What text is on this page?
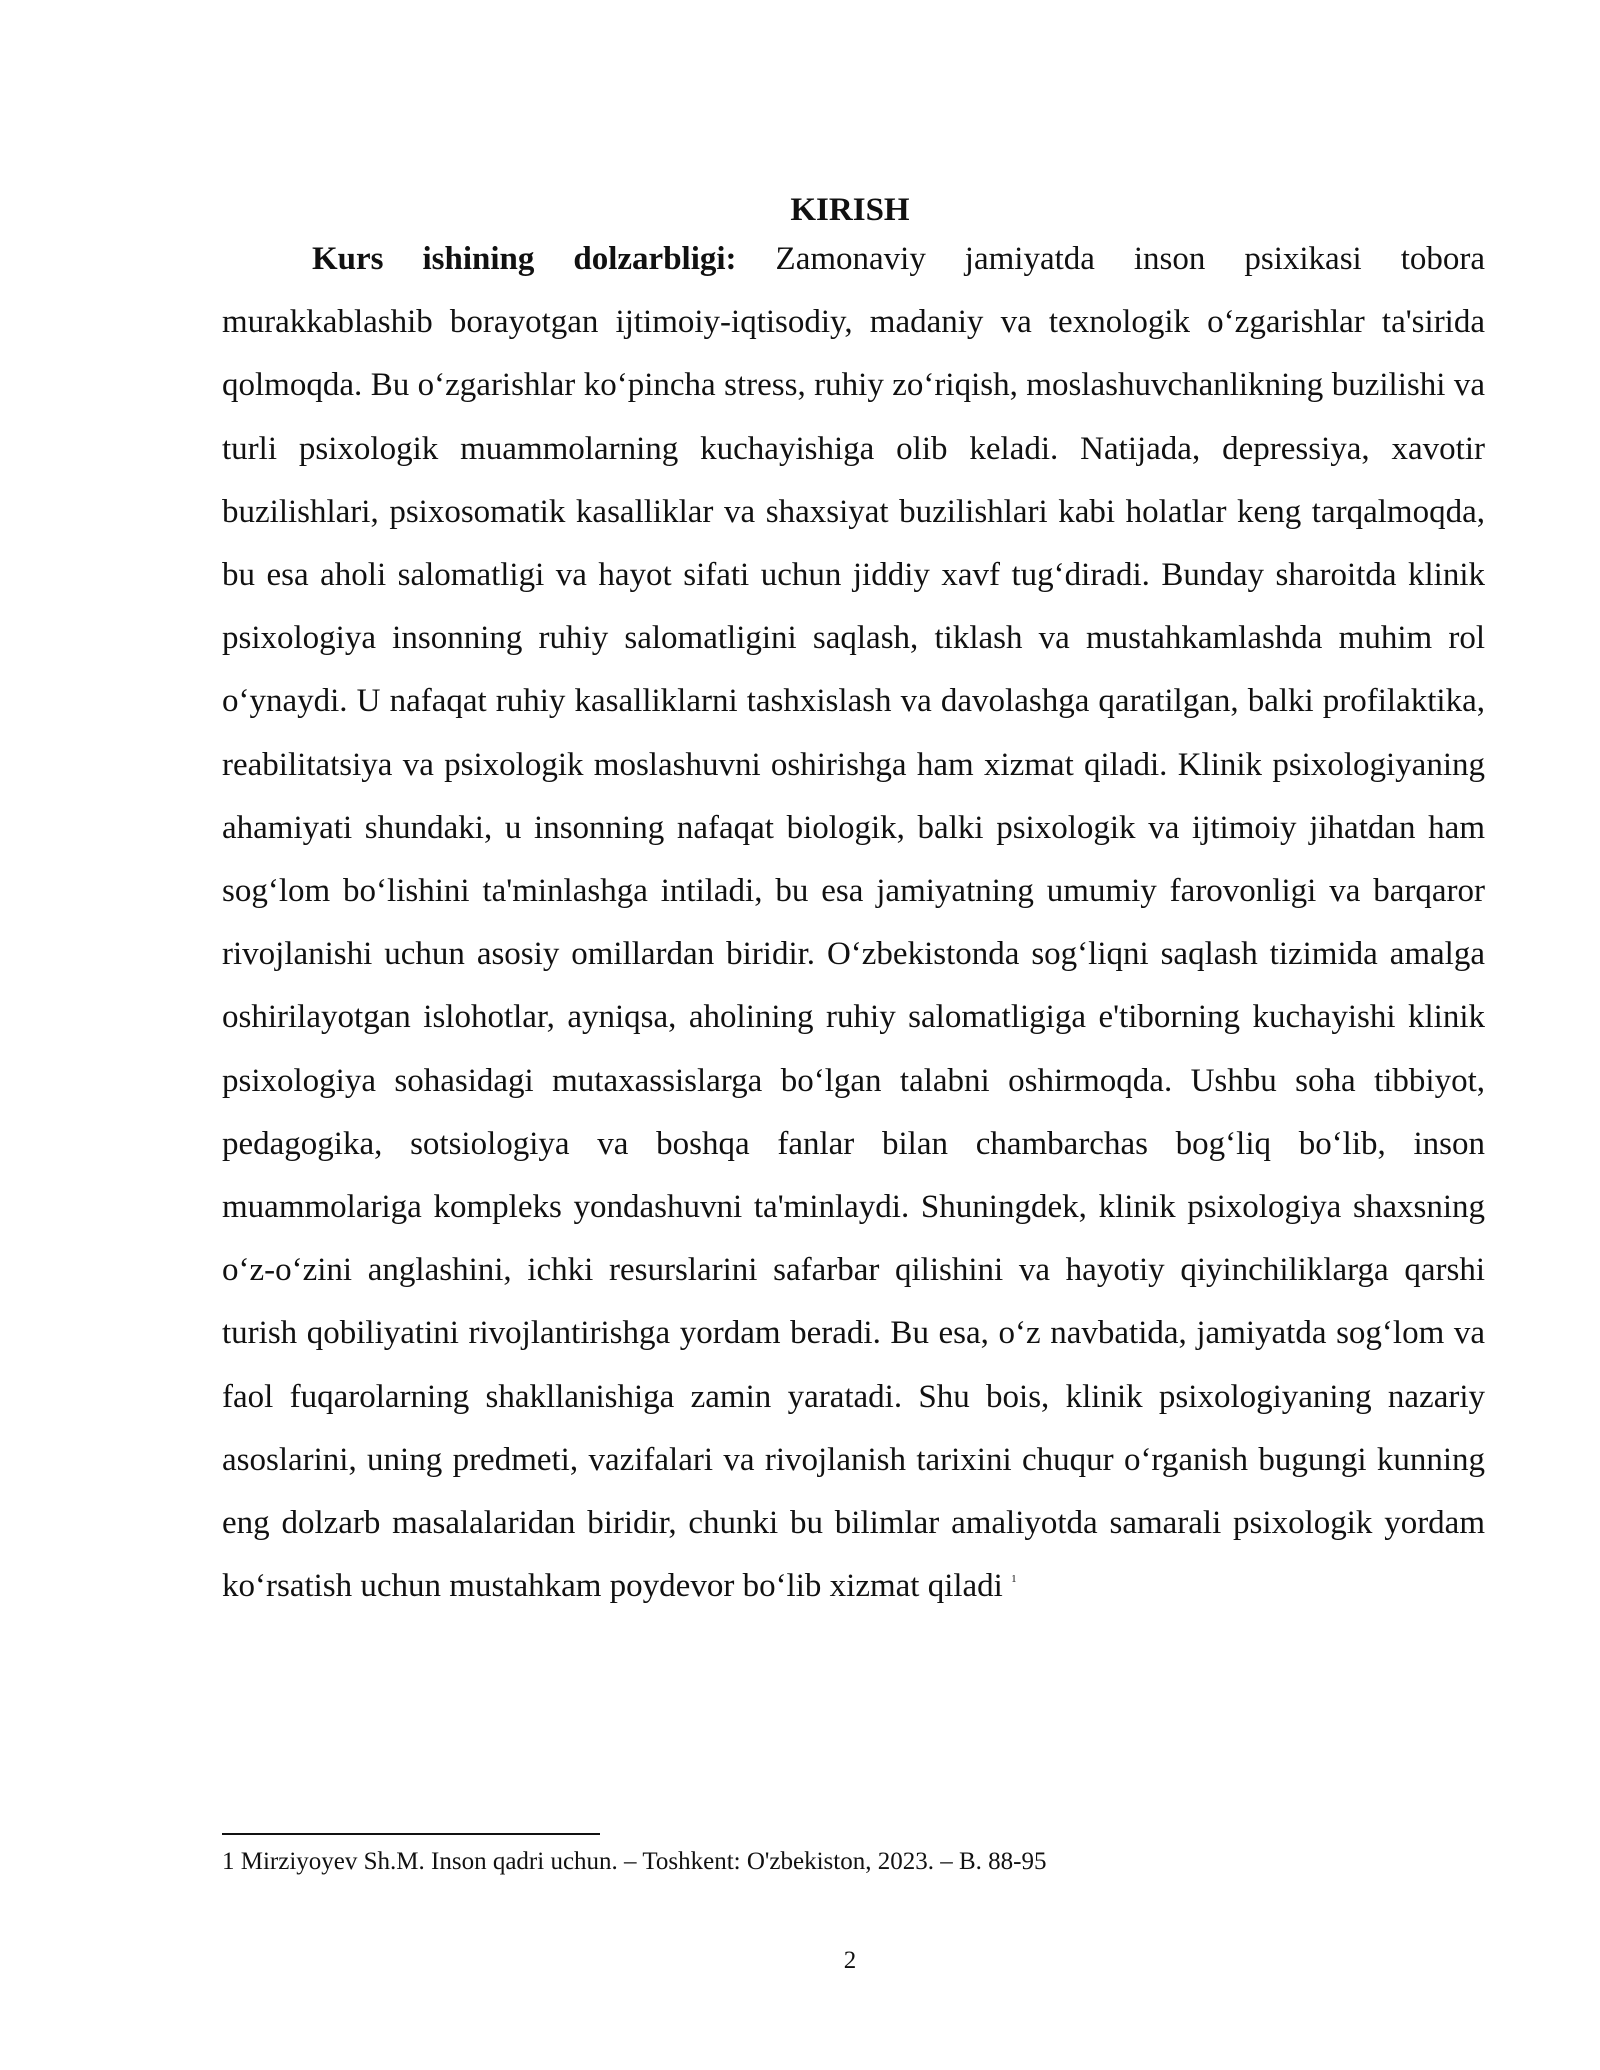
KIRISH

Kurs ishining dolzarbligi: Zamonaviy jamiyatda inson psixikasi tobora murakkablashib borayotgan ijtimoiy-iqtisodiy, madaniy va texnologik o‘zgarishlar ta'sirida qolmoqda. Bu o‘zgarishlar ko‘pincha stress, ruhiy zo‘riqish, moslashuvchanlikning buzilishi va turli psixologik muammolarning kuchayishiga olib keladi. Natijada, depressiya, xavotir buzilishlari, psixosomatik kasalliklar va shaxsiyat buzilishlari kabi holatlar keng tarqalmoqda, bu esa aholi salomatligi va hayot sifati uchun jiddiy xavf tug‘diradi. Bunday sharoitda klinik psixologiya insonning ruhiy salomatligini saqlash, tiklash va mustahkamlashda muhim rol o‘ynaydi. U nafaqat ruhiy kasalliklarni tashxislash va davolashga qaratilgan, balki profilaktika, reabilitatsiya va psixologik moslashuvni oshirishga ham xizmat qiladi. Klinik psixologiyaning ahamiyati shundaki, u insonning nafaqat biologik, balki psixologik va ijtimoiy jihatdan ham sog‘lom bo‘lishini ta'minlashga intiladi, bu esa jamiyatning umumiy farovonligi va barqaror rivojlanishi uchun asosiy omillardan biridir. O‘zbekistonda sog‘liqni saqlash tizimida amalga oshirilayotgan islohotlar, ayniqsa, aholining ruhiy salomatligiga e'tiborning kuchayishi klinik psixologiya sohasidagi mutaxassislarga bo‘lgan talabni oshirmoqda. Ushbu soha tibbiyot, pedagogika, sotsiologiya va boshqa fanlar bilan chambarchas bog‘liq bo‘lib, inson muammolariga kompleks yondashuvni ta'minlaydi. Shuningdek, klinik psixologiya shaxsning o‘z-o‘zini anglashini, ichki resurslarini safarbar qilishini va hayotiy qiyinchiliklarga qarshi turish qobiliyatini rivojlantirishga yordam beradi. Bu esa, o‘z navbatida, jamiyatda sog‘lom va faol fuqarolarning shakllanishiga zamin yaratadi. Shu bois, klinik psixologiyaning nazariy asoslarini, uning predmeti, vazifalari va rivojlanish tarixini chuqur o‘rganish bugungi kunning eng dolzarb masalalaridan biridir, chunki bu bilimlar amaliyotda samarali psixologik yordam ko‘rsatish uchun mustahkam poydevor bo‘lib xizmat qiladi $^1$

1 Mirziyoyev Sh.M. Inson qadri uchun. – Toshkent: O'zbekiston, 2023. – B. 88-95

2
